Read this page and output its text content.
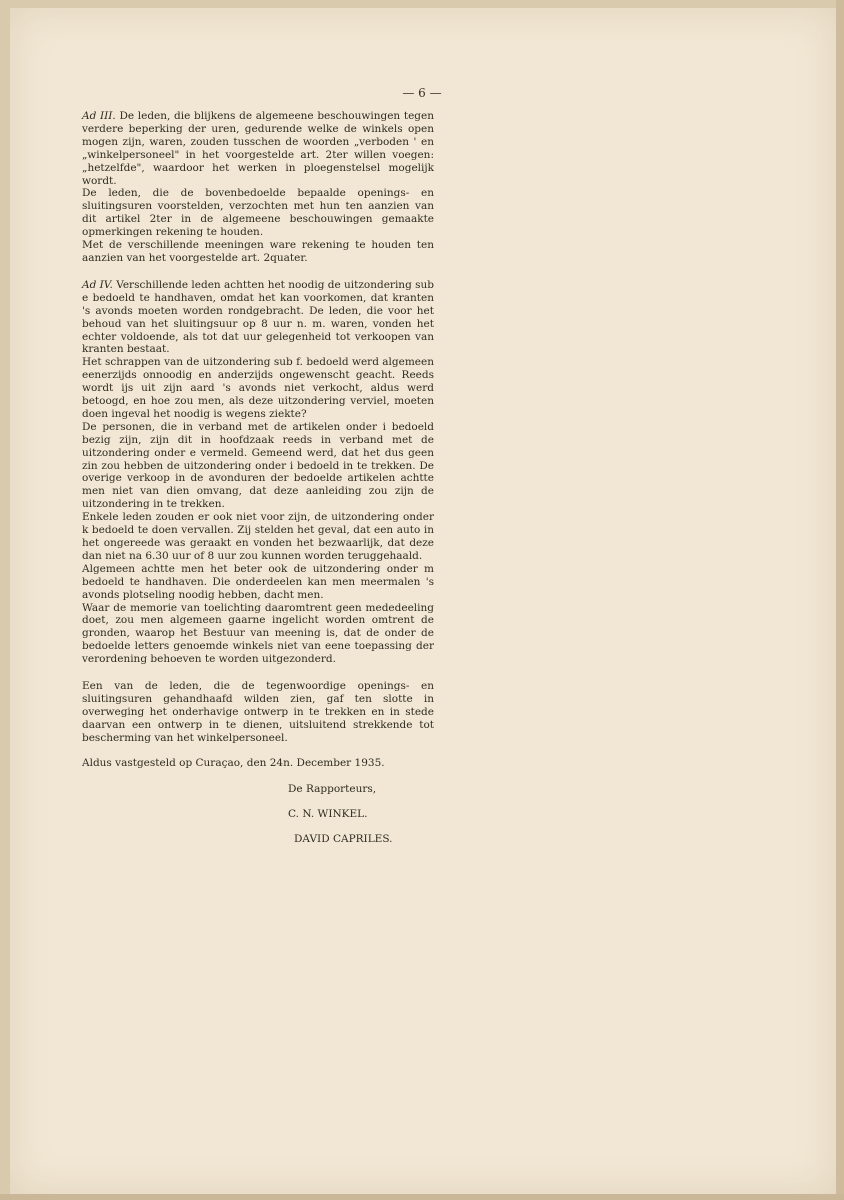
— 6 —

Ad III. De leden, die blijkens de algemeene beschouwingen tegen verdere beperking der uren, gedurende welke de winkels open mogen zijn, waren, zouden tusschen de woorden „verboden ' en „winkelpersoneel" in het voorgestelde art. 2ter willen voegen: „hetzelfde", waardoor het werken in ploegenstelsel mogelijk wordt.

De leden, die de bovenbedoelde bepaalde openings- en sluitingsuren voorstelden, verzochten met hun ten aanzien van dit artikel 2ter in de algemeene beschouwingen gemaakte opmerkingen rekening te houden.

Met de verschillende meeningen ware rekening te houden ten aanzien van het voorgestelde art. 2quater.

Ad IV. Verschillende leden achtten het noodig de uitzondering sub e bedoeld te handhaven, omdat het kan voorkomen, dat kranten 's avonds moeten worden rondgebracht. De leden, die voor het behoud van het sluitingsuur op 8 uur n. m. waren, vonden het echter voldoende, als tot dat uur gelegenheid tot verkoopen van kranten bestaat.

Het schrappen van de uitzondering sub f. bedoeld werd algemeen eenerzijds onnoodig en anderzijds ongewenscht geacht. Reeds wordt ijs uit zijn aard 's avonds niet verkocht, aldus werd betoogd, en hoe zou men, als deze uitzondering verviel, moeten doen ingeval het noodig is wegens ziekte?

De personen, die in verband met de artikelen onder i bedoeld bezig zijn, zijn dit in hoofdzaak reeds in verband met de uitzondering onder e vermeld. Gemeend werd, dat het dus geen zin zou hebben de uitzondering onder i bedoeld in te trekken. De overige verkoop in de avonduren der bedoelde artikelen achtte men niet van dien omvang, dat deze aanleiding zou zijn de uitzondering in te trekken.

Enkele leden zouden er ook niet voor zijn, de uitzondering onder k bedoeld te doen vervallen. Zij stelden het geval, dat een auto in het ongereede was geraakt en vonden het bezwaarlijk, dat deze dan niet na 6.30 uur of 8 uur zou kunnen worden teruggehaald.

Algemeen achtte men het beter ook de uitzondering onder m bedoeld te handhaven. Die onderdeelen kan men meermalen 's avonds plotseling noodig hebben, dacht men.

Waar de memorie van toelichting daaromtrent geen mededeeling doet, zou men algemeen gaarne ingelicht worden omtrent de gronden, waarop het Bestuur van meening is, dat de onder de bedoelde letters genoemde winkels niet van eene toepassing der verordening behoeven te worden uitgezonderd.

Een van de leden, die de tegenwoordige openings- en sluitingsuren gehandhaafd wilden zien, gaf ten slotte in overweging het onderhavige ontwerp in te trekken en in stede daarvan een ontwerp in te dienen, uitsluitend strekkende tot bescherming van het winkelpersoneel.

Aldus vastgesteld op Curaçao, den 24n. December 1935.

De Rapporteurs,

C. N. WINKEL.

DAVID CAPRILES.
